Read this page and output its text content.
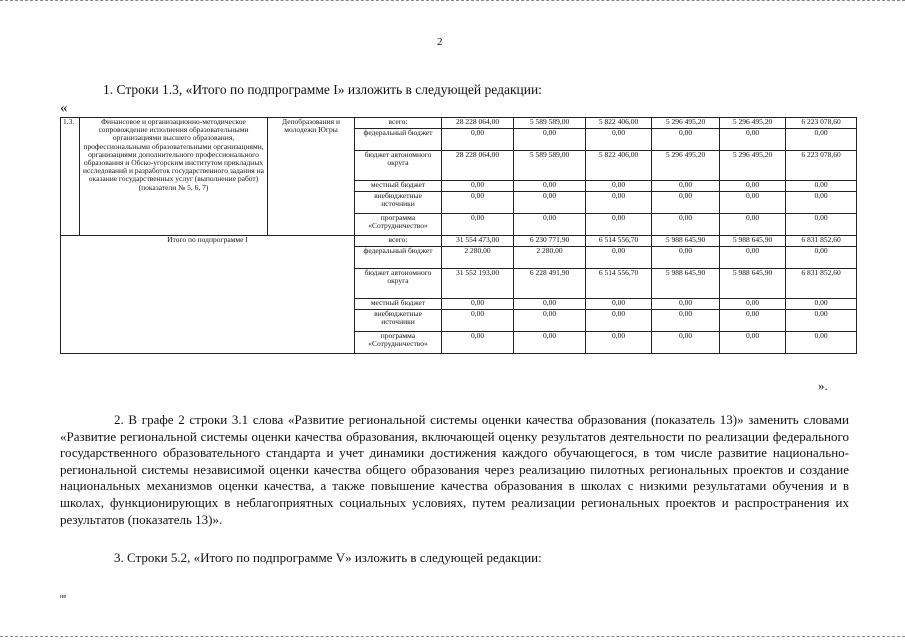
2
1. Строки 1.3, «Итого по подпрограмме I» изложить в следующей редакции:
«
1.3.	Финансовое и организационно-методическое сопровождение исполнения образовательными организациями высшего образования, профессиональными образовательными организациями, организациями дополнительного профессионального образования и Обско-угорским институтом прикладных исследований и разработок государственного задания на оказание государственных услуг (выполнение работ) (показатели № 5, 6, 7)	Депобразования и молодежи Югры	всего:	28 228 064,00	5 589 589,00	5 822 406,00	5 296 495,20	5 296 495,20	6 223 078,60
			федеральный бюджет	0,00	0,00	0,00	0,00	0,00	0,00
			бюджет автономного округа	28 228 064,00	5 589 589,00	5 822 406,00	5 296 495,20	5 296 495,20	6 223 078,60
			местный бюджет	0,00	0,00	0,00	0,00	0,00	0,00
			внебюджетные источники	0,00	0,00	0,00	0,00	0,00	0,00
			программа «Сотрудничество»	0,00	0,00	0,00	0,00	0,00	0,00
Итого по подпрограмме I			всего:	31 554 473,00	6 230 771,90	6 514 556,70	5 988 645,90	5 988 645,90	6 831 852,60
			федеральный бюджет	2 280,00	2 280,00	0,00	0,00	0,00	0,00
			бюджет автономного округа	31 552 193,00	6 228 491,90	6 514 556,70	5 988 645,90	5 988 645,90	6 831 852,60
			местный бюджет	0,00	0,00	0,00	0,00	0,00	0,00
			внебюджетные источники	0,00	0,00	0,00	0,00	0,00	0,00
			программа «Сотрудничество»	0,00	0,00	0,00	0,00	0,00	0,00
».
2. В графе 2 строки 3.1 слова «Развитие региональной системы оценки качества образования (показатель 13)» заменить словами «Развитие региональной системы оценки качества образования, включающей оценку результатов деятельности по реализации федерального государственного образовательного стандарта и учет динамики достижения каждого обучающегося, в том числе развитие национально-региональной системы независимой оценки качества общего образования через реализацию пилотных региональных проектов и создание национальных механизмов оценки качества, а также повышение качества образования в школах с низкими результатами обучения и в школах, функционирующих в неблагоприятных социальных условиях, путем реализации региональных проектов и распространения их результатов (показатель 13)».
3. Строки 5.2, «Итого по подпрограмме V» изложить в следующей редакции:
нв
